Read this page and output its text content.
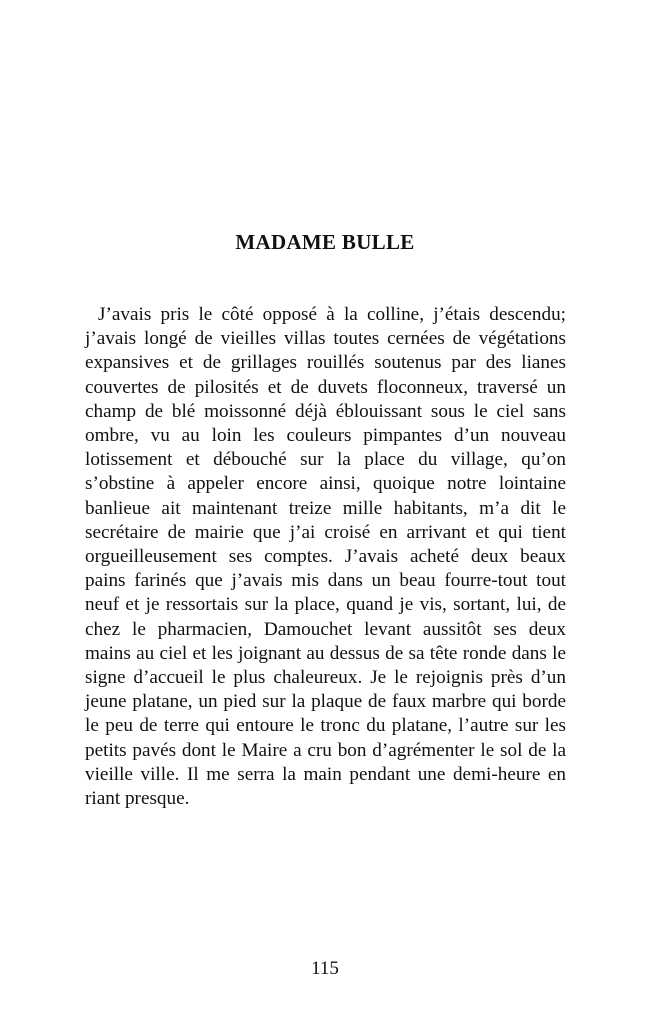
MADAME BULLE

J’avais pris le côté opposé à la colline, j’étais descendu; j’avais longé de vieilles villas toutes cernées de végétations expansives et de grillages rouillés soutenus par des lianes couvertes de pilosités et de duvets floconneux, traversé un champ de blé moissonné déjà éblouissant sous le ciel sans ombre, vu au loin les couleurs pimpantes d’un nouveau lotissement et débouché sur la place du village, qu’on s’obstine à appeler encore ainsi, quoique notre lointaine banlieue ait maintenant treize mille habitants, m’a dit le secrétaire de mairie que j’ai croisé en arrivant et qui tient orgueilleusement ses comptes. J’avais acheté deux beaux pains farinés que j’avais mis dans un beau fourre-tout tout neuf et je ressortais sur la place, quand je vis, sortant, lui, de chez le pharmacien, Damouchet levant aussitôt ses deux mains au ciel et les joignant au dessus de sa tête ronde dans le signe d’accueil le plus chaleureux. Je le rejoignis près d’un jeune platane, un pied sur la plaque de faux marbre qui borde le peu de terre qui entoure le tronc du platane, l’autre sur les petits pavés dont le Maire a cru bon d’agrémenter le sol de la vieille ville. Il me serra la main pendant une demi-heure en riant presque.

115
